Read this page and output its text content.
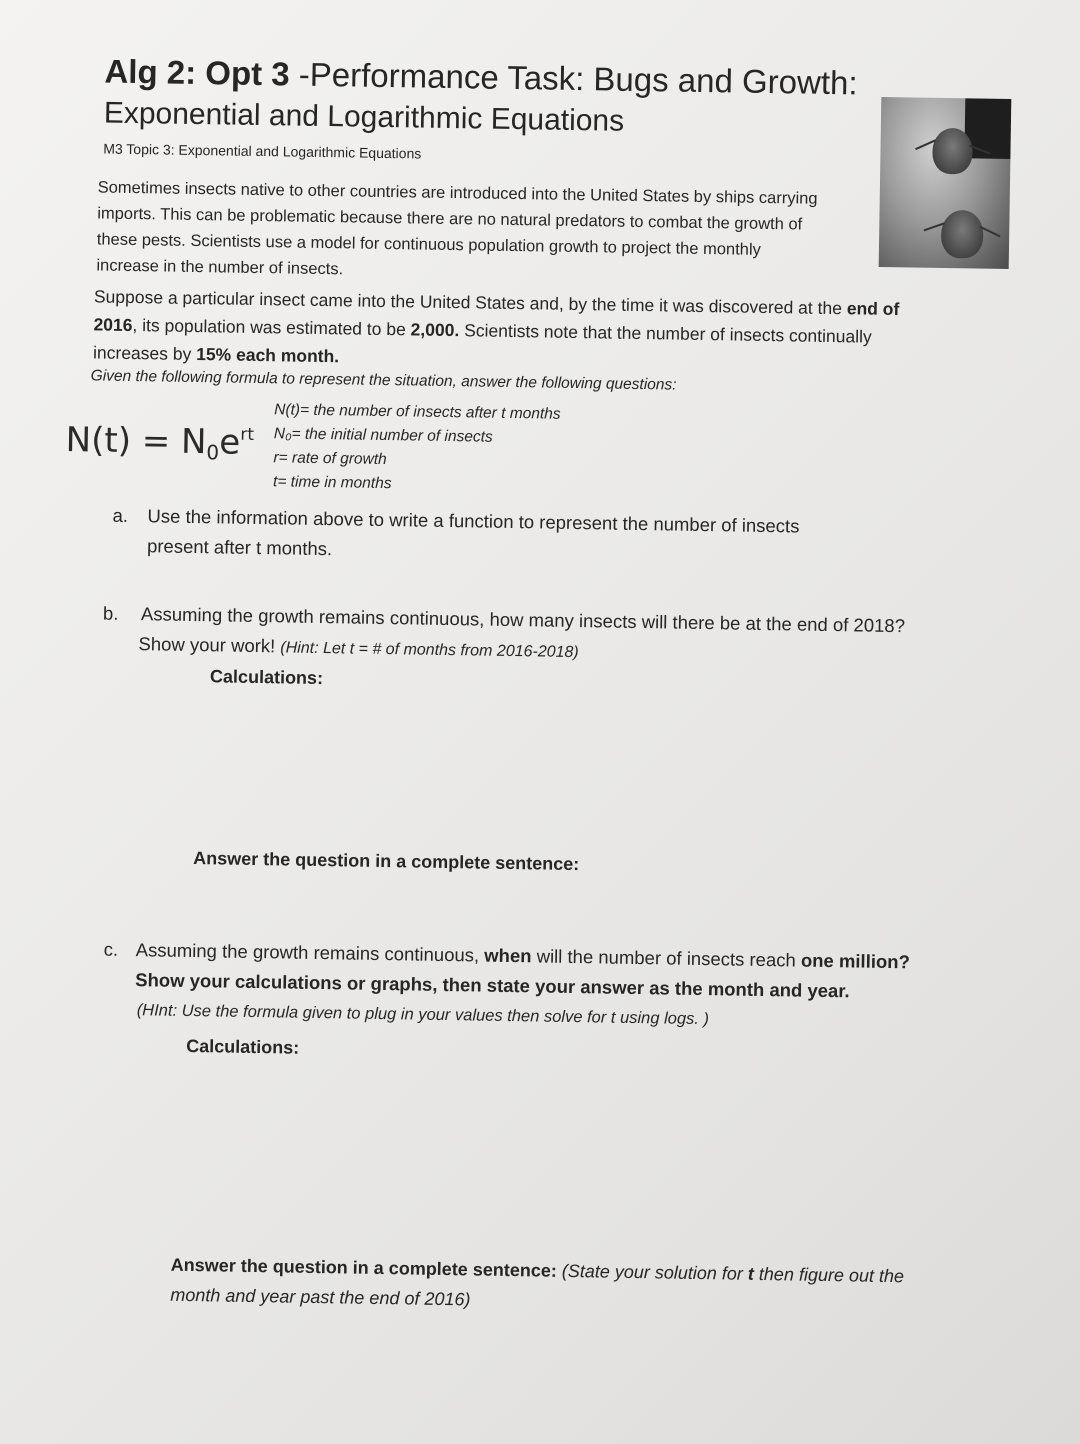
Alg 2: Opt 3 -Performance Task: Bugs and Growth:
Exponential and Logarithmic Equations
M3 Topic 3: Exponential and Logarithmic Equations
Sometimes insects native to other countries are introduced into the United States by ships carrying
imports. This can be problematic because there are no natural predators to combat the growth of
these pests. Scientists use a model for continuous population growth to project the monthly
increase in the number of insects.
Suppose a particular insect came into the United States and, by the time it was discovered at the end of
2016, its population was estimated to be 2,000. Scientists note that the number of insects continually
increases by 15% each month.
Given the following formula to represent the situation, answer the following questions:
$N(t) = N_0e^{rt}$
N(t)= the number of insects after t months
N₀= the initial number of insects
r= rate of growth
t= time in months
a. Use the information above to write a function to represent the number of insects
present after t months.
b. Assuming the growth remains continuous, how many insects will there be at the end of 2018?
Show your work! (Hint: Let t = # of months from 2016-2018)
Calculations:
Answer the question in a complete sentence:
c. Assuming the growth remains continuous, when will the number of insects reach one million?
Show your calculations or graphs, then state your answer as the month and year.
(HInt: Use the formula given to plug in your values then solve for t using logs. )
Calculations:
Answer the question in a complete sentence: (State your solution for t then figure out the
month and year past the end of 2016)
